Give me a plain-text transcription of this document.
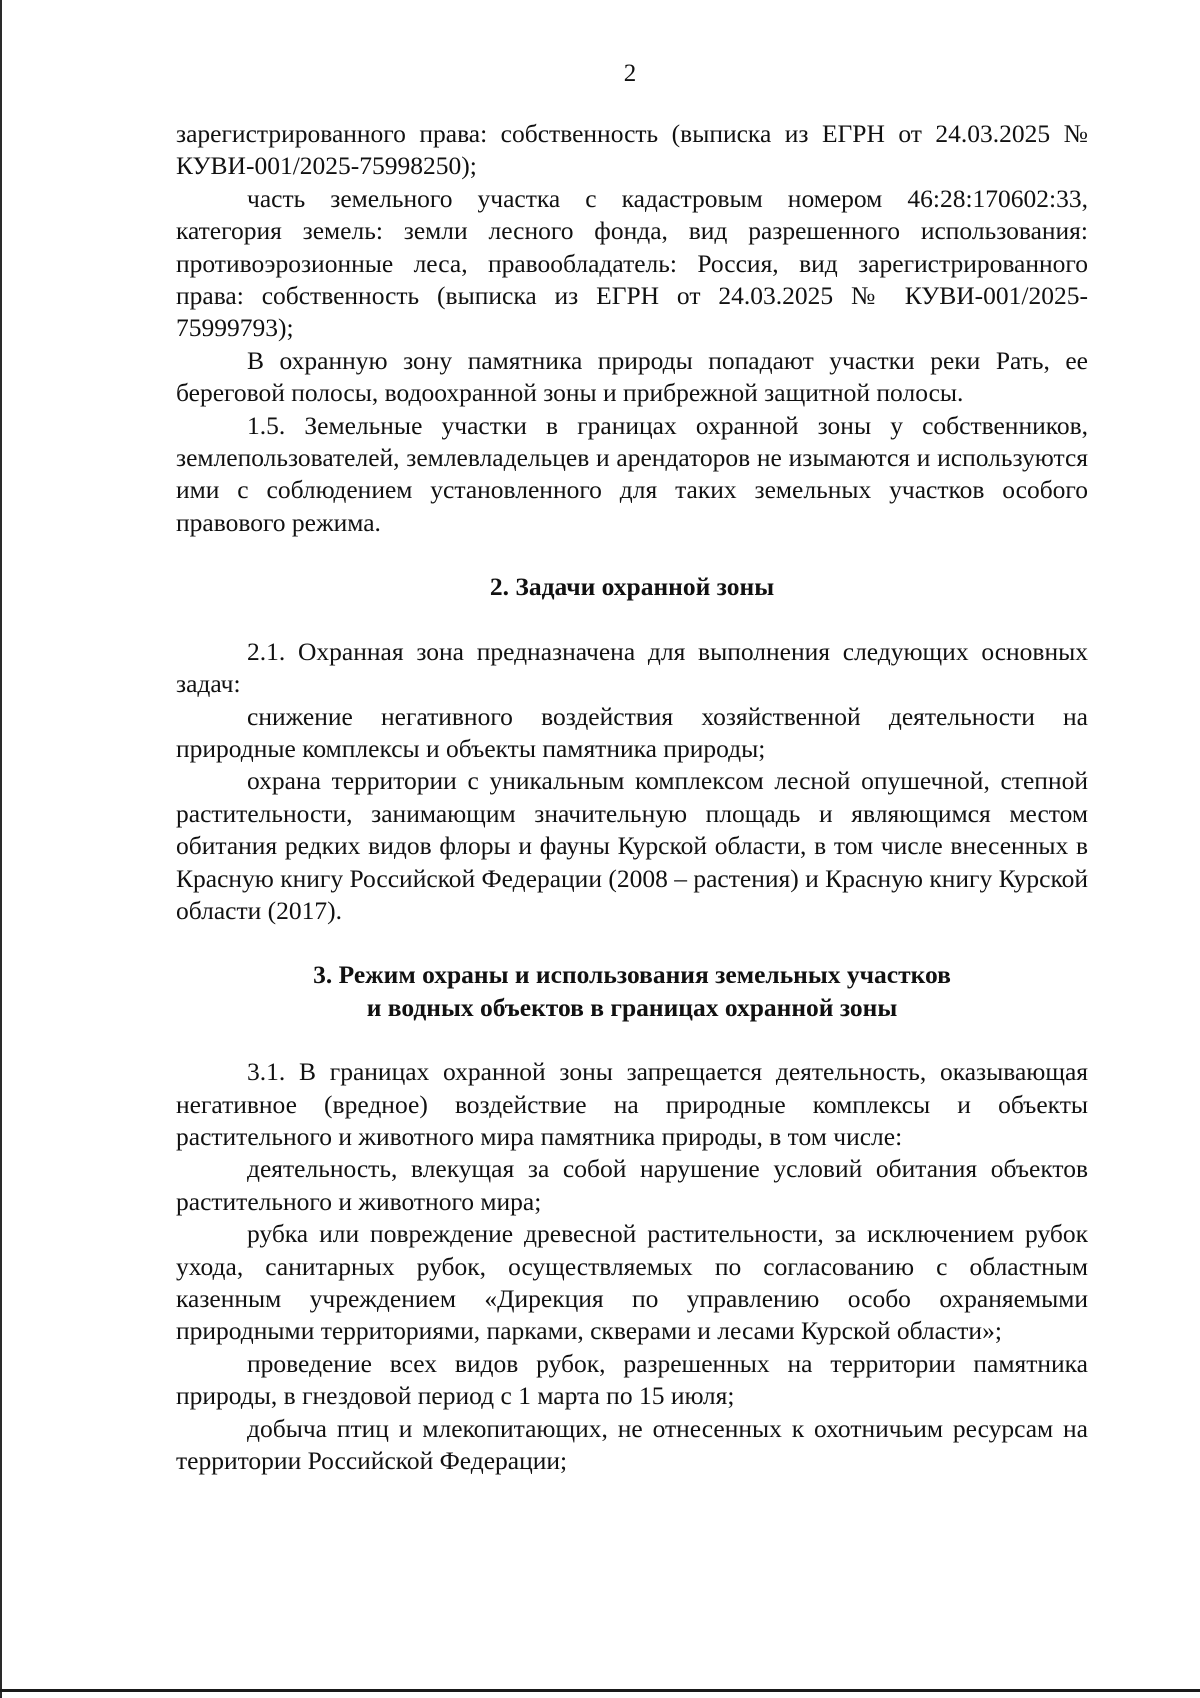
2

зарегистрированного права: собственность (выписка из ЕГРН от 24.03.2025 № КУВИ-001/2025-75998250);

часть земельного участка с кадастровым номером 46:28:170602:33, категория земель: земли лесного фонда, вид разрешенного использования: противоэрозионные леса, правообладатель: Россия, вид зарегистрированного права: собственность (выписка из ЕГРН от 24.03.2025 № КУВИ-001/2025-75999793);

В охранную зону памятника природы попадают участки реки Рать, ее береговой полосы, водоохранной зоны и прибрежной защитной полосы.

1.5. Земельные участки в границах охранной зоны у собственников, землепользователей, землевладельцев и арендаторов не изымаются и используются ими с соблюдением установленного для таких земельных участков особого правового режима.

2. Задачи охранной зоны

2.1. Охранная зона предназначена для выполнения следующих основных задач:

снижение негативного воздействия хозяйственной деятельности на природные комплексы и объекты памятника природы;

охрана территории с уникальным комплексом лесной опушечной, степной растительности, занимающим значительную площадь и являющимся местом обитания редких видов флоры и фауны Курской области, в том числе внесенных в Красную книгу Российской Федерации (2008 – растения) и Красную книгу Курской области (2017).

3. Режим охраны и использования земельных участков

и водных объектов в границах охранной зоны

3.1. В границах охранной зоны запрещается деятельность, оказывающая негативное (вредное) воздействие на природные комплексы и объекты растительного и животного мира памятника природы, в том числе:

деятельность, влекущая за собой нарушение условий обитания объектов растительного и животного мира;

рубка или повреждение древесной растительности, за исключением рубок ухода, санитарных рубок, осуществляемых по согласованию с областным казенным учреждением «Дирекция по управлению особо охраняемыми природными территориями, парками, скверами и лесами Курской области»;

проведение всех видов рубок, разрешенных на территории памятника природы, в гнездовой период с 1 марта по 15 июля;

добыча птиц и млекопитающих, не отнесенных к охотничьим ресурсам на территории Российской Федерации;
